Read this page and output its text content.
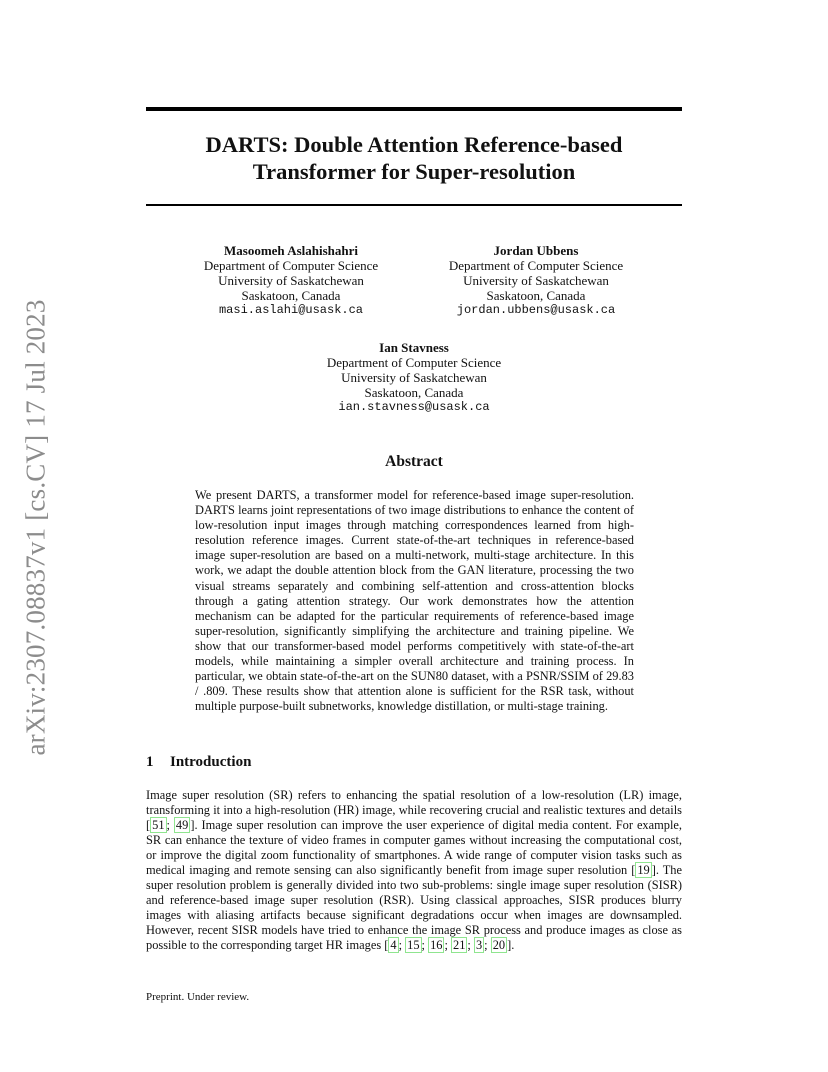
arXiv:2307.08837v1 [cs.CV] 17 Jul 2023
DARTS: Double Attention Reference-based
Transformer for Super-resolution
Masoomeh Aslahishahri
Department of Computer Science
University of Saskatchewan
Saskatoon, Canada
masi.aslahi@usask.ca
Jordan Ubbens
Department of Computer Science
University of Saskatchewan
Saskatoon, Canada
jordan.ubbens@usask.ca
Ian Stavness
Department of Computer Science
University of Saskatchewan
Saskatoon, Canada
ian.stavness@usask.ca
Abstract

We present DARTS, a transformer model for reference-based image super-resolution. DARTS learns joint representations of two image distributions to enhance the content of low-resolution input images through matching correspondences learned from high-resolution reference images. Current state-of-the-art techniques in reference-based image super-resolution are based on a multi-network, multi-stage architecture. In this work, we adapt the double attention block from the GAN literature, processing the two visual streams separately and combining self-attention and cross-attention blocks through a gating attention strategy. Our work demonstrates how the attention mechanism can be adapted for the particular requirements of reference-based image super-resolution, significantly simplifying the architecture and training pipeline. We show that our transformer-based model performs competitively with state-of-the-art models, while maintaining a simpler overall architecture and training process. In particular, we obtain state-of-the-art on the SUN80 dataset, with a PSNR/SSIM of 29.83 / .809. These results show that attention alone is sufficient for the RSR task, without multiple purpose-built subnetworks, knowledge distillation, or multi-stage training.

1 Introduction

Image super resolution (SR) refers to enhancing the spatial resolution of a low-resolution (LR) image, transforming it into a high-resolution (HR) image, while recovering crucial and realistic textures and details [ 51 ; 49 ]. Image super resolution can improve the user experience of digital media content. For example, SR can enhance the texture of video frames in computer games without increasing the computational cost, or improve the digital zoom functionality of smartphones. A wide range of computer vision tasks such as medical imaging and remote sensing can also significantly benefit from image super resolution [ 19 ]. The super resolution problem is generally divided into two sub-problems: single image super resolution (SISR) and reference-based image super resolution (RSR). Using classical approaches, SISR produces blurry images with aliasing artifacts because significant degradations occur when images are downsampled. However, recent SISR models have tried to enhance the image SR process and produce images as close as possible to the corresponding target HR images [ 4 ; 15 ; 16 ; 21 ; 3 ; 20 ].

Preprint. Under review.
